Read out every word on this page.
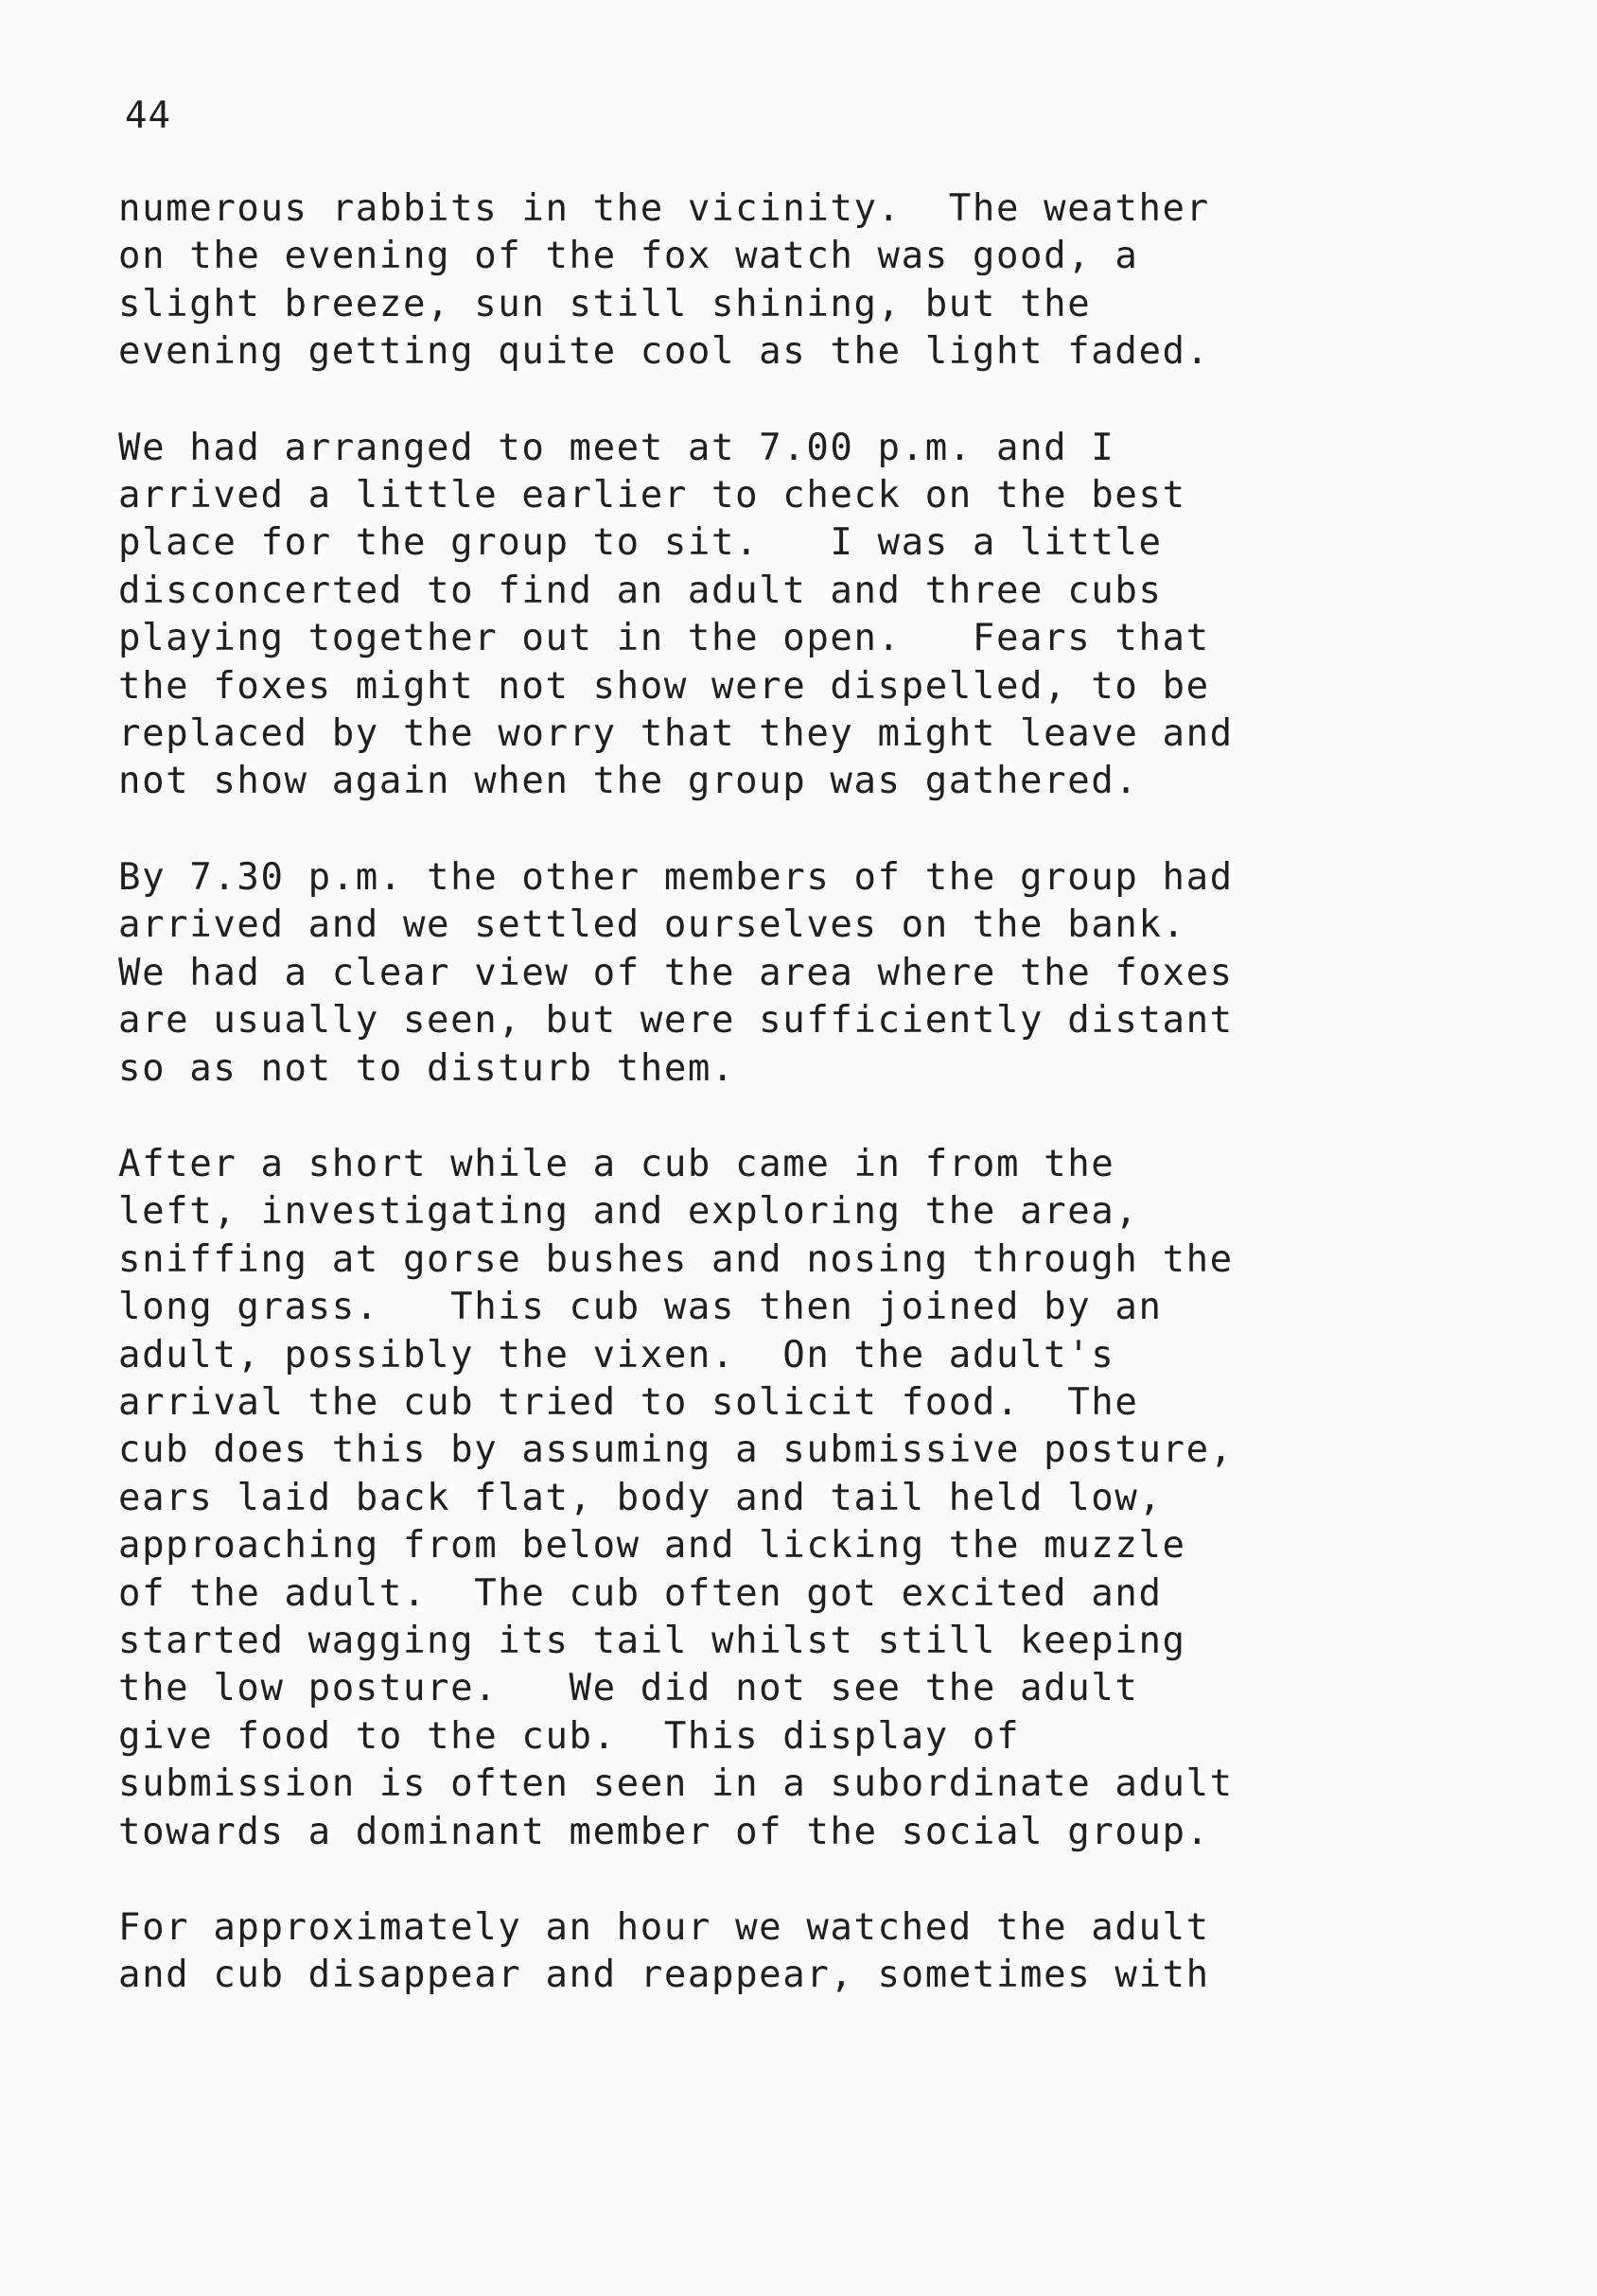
44

numerous rabbits in the vicinity.  The weather
on the evening of the fox watch was good, a
slight breeze, sun still shining, but the
evening getting quite cool as the light faded.

We had arranged to meet at 7.00 p.m. and I
arrived a little earlier to check on the best
place for the group to sit.   I was a little
disconcerted to find an adult and three cubs
playing together out in the open.   Fears that
the foxes might not show were dispelled, to be
replaced by the worry that they might leave and
not show again when the group was gathered.

By 7.30 p.m. the other members of the group had
arrived and we settled ourselves on the bank.
We had a clear view of the area where the foxes
are usually seen, but were sufficiently distant
so as not to disturb them.

After a short while a cub came in from the
left, investigating and exploring the area,
sniffing at gorse bushes and nosing through the
long grass.   This cub was then joined by an
adult, possibly the vixen.  On the adult's
arrival the cub tried to solicit food.  The
cub does this by assuming a submissive posture,
ears laid back flat, body and tail held low,
approaching from below and licking the muzzle
of the adult.  The cub often got excited and
started wagging its tail whilst still keeping
the low posture.   We did not see the adult
give food to the cub.  This display of
submission is often seen in a subordinate adult
towards a dominant member of the social group.

For approximately an hour we watched the adult
and cub disappear and reappear, sometimes with
